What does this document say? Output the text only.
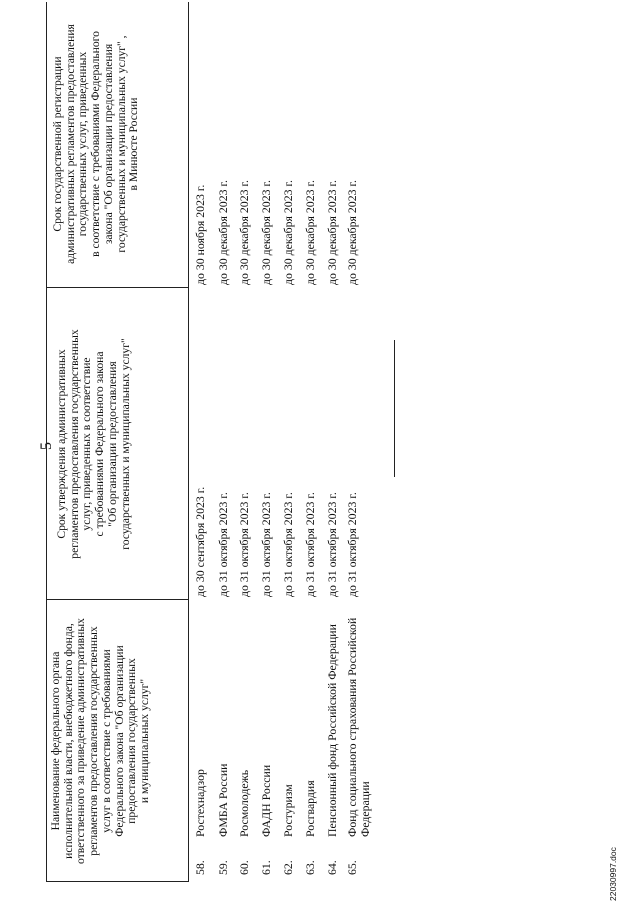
5
Наименование федерального органа исполнительной власти, внебюджетного фонда, ответственного за приведение административных регламентов предоставления государственных услуг в соответствие с требованиями Федерального закона "Об организации предоставления государственных и муниципальных услуг"
Срок утверждения административных регламентов предоставления государственных услуг, приведенных в соответствие с требованиями Федерального закона "Об организации предоставления государственных и муниципальных услуг"
Срок государственной регистрации административных регламентов предоставления государственных услуг, приведенных в соответствие с требованиями Федерального закона "Об организации предоставления государственных и муниципальных услуг" , в Минюсте России
58.
Ростехнадзор
до 30 сентября 2023 г.
до 30 ноября 2023 г.
59.
ФМБА России
до 31 октября 2023 г.
до 30 декабря 2023 г.
60.
Росмолодежь
до 31 октября 2023 г.
до 30 декабря 2023 г.
61.
ФАДН России
до 31 октября 2023 г.
до 30 декабря 2023 г.
62.
Ростуризм
до 31 октября 2023 г.
до 30 декабря 2023 г.
63.
Росгвардия
до 31 октября 2023 г.
до 30 декабря 2023 г.
64.
Пенсионный фонд Российской Федерации
до 31 октября 2023 г.
до 30 декабря 2023 г.
65.
Фонд социального страхования Российской Федерации
до 31 октября 2023 г.
до 30 декабря 2023 г.
22030997.doc
